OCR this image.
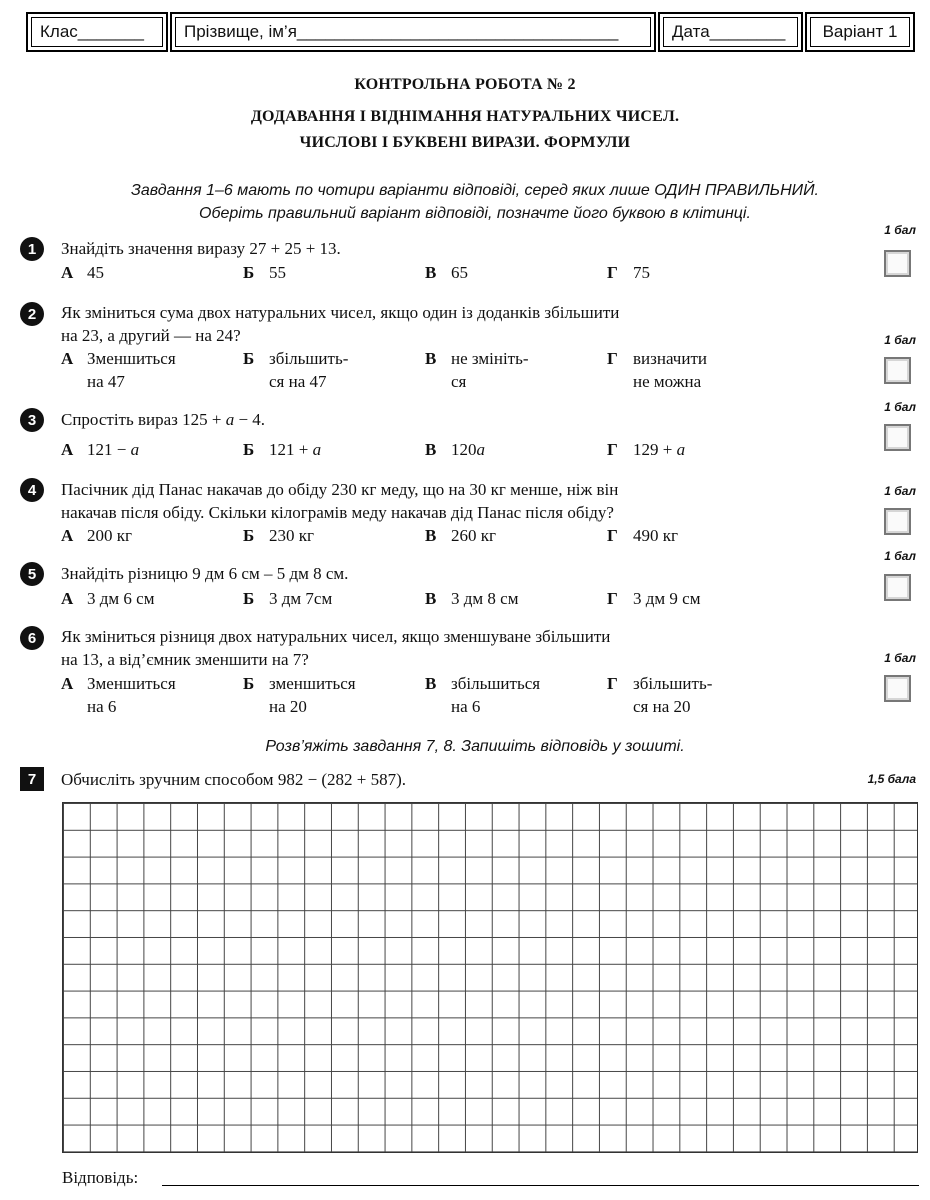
Клас_______	Прізвище, ім’я__________________________________	Дата________	Варіант 1
КОНТРОЛЬНА РОБОТА № 2
ДОДАВАННЯ І ВІДНІМАННЯ НАТУРАЛЬНИХ ЧИСЕЛ.
ЧИСЛОВІ І БУКВЕНІ ВИРАЗИ. ФОРМУЛИ
Завдання 1–6 мають по чотири варіанти відповіді, серед яких лише ОДИН ПРАВИЛЬНИЙ.
Оберіть правильний варіант відповіді, позначте його буквою в клітинці.
1 бал
1	Знайдіть значення виразу 27 + 25 + 13.
А 45	Б 55	В 65	Г 75
2	Як зміниться сума двох натуральних чисел, якщо один із доданків збільшити
на 23, а другий — на 24?	1 бал
А Зменшиться
на 47
Б збільшить-
ся на 47
В не змініть-
ся
Г визначити
не можна
1 бал
3	Спростіть вираз 125 + a − 4.
А 121 − a	Б 121 + a	В 120a	Г 129 + a
1 бал
4	Пасічник дід Панас накачав до обіду 230 кг меду, що на 30 кг менше, ніж він
накачав після обіду. Скільки кілограмів меду накачав дід Панас після обіду?
А 200 кг	Б 230 кг	В 260 кг	Г 490 кг
1 бал
5	Знайдіть різницю 9 дм 6 см – 5 дм 8 см.
А 3 дм 6 см	Б 3 дм 7см	В 3 дм 8 см	Г 3 дм 9 см
6	Як зміниться різниця двох натуральних чисел, якщо зменшуване збільшити
на 13, а від’ємник зменшити на 7?	1 бал
А Зменшиться
на 6
Б зменшиться
на 20
В збільшиться
на 6
Г збільшить-
ся на 20
Розв’яжіть завдання 7, 8. Запишіть відповідь у зошиті.
7	Обчисліть зручним способом 982 − (282 + 587).	1,5 бала
Відповідь:
